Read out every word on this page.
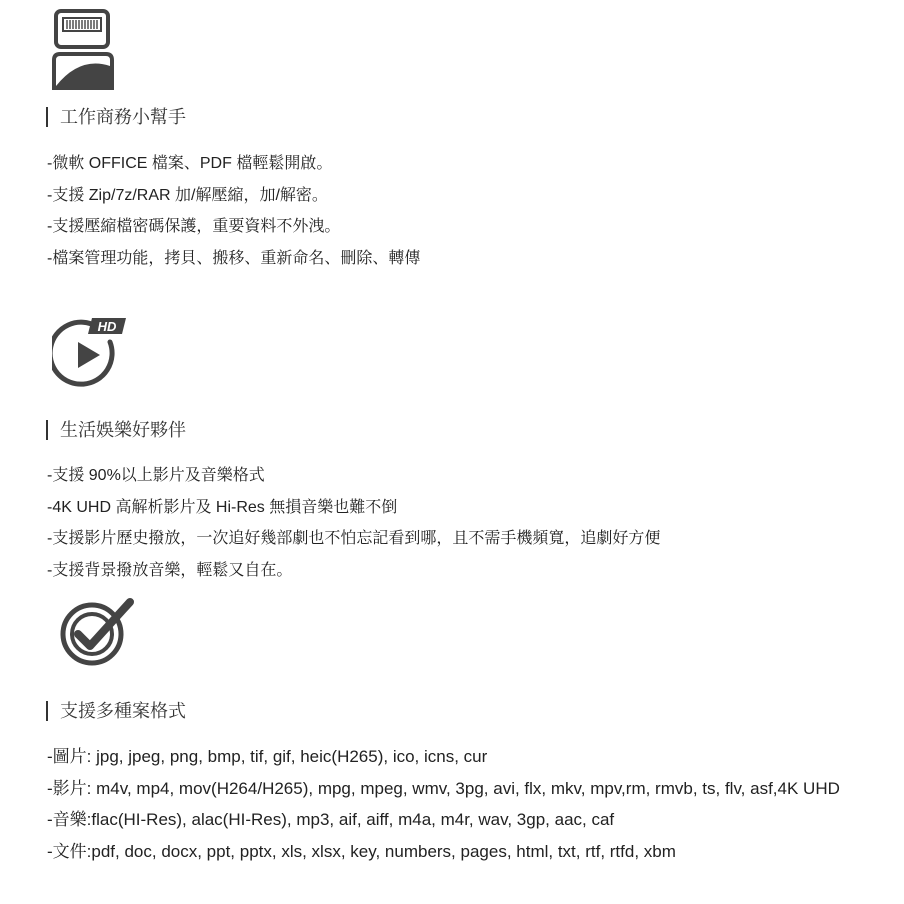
工作商務小幫手
-微軟 OFFICE 檔案、PDF 檔輕鬆開啟。
-支援 Zip/7z/RAR 加/解壓縮，加/解密。
-支援壓縮檔密碼保護，重要資料不外洩。
-檔案管理功能，拷貝、搬移、重新命名、刪除、轉傳
HD
生活娛樂好夥伴
-支援 90%以上影片及音樂格式
-4K UHD 高解析影片及 Hi-Res 無損音樂也難不倒
-支援影片歷史撥放，一次追好幾部劇也不怕忘記看到哪，且不需手機頻寬，追劇好方便
-支援背景撥放音樂，輕鬆又自在。
支援多種案格式
-圖片: jpg, jpeg, png, bmp, tif, gif, heic(H265), ico, icns, cur
-影片: m4v, mp4, mov(H264/H265), mpg, mpeg, wmv, 3pg, avi, flx, mkv, mpv,rm, rmvb, ts, flv, asf,4K UHD
-音樂:flac(HI-Res), alac(HI-Res), mp3, aif, aiff, m4a, m4r, wav, 3gp, aac, caf
-文件:pdf, doc, docx, ppt, pptx, xls, xlsx, key, numbers, pages, html, txt, rtf, rtfd, xbm
